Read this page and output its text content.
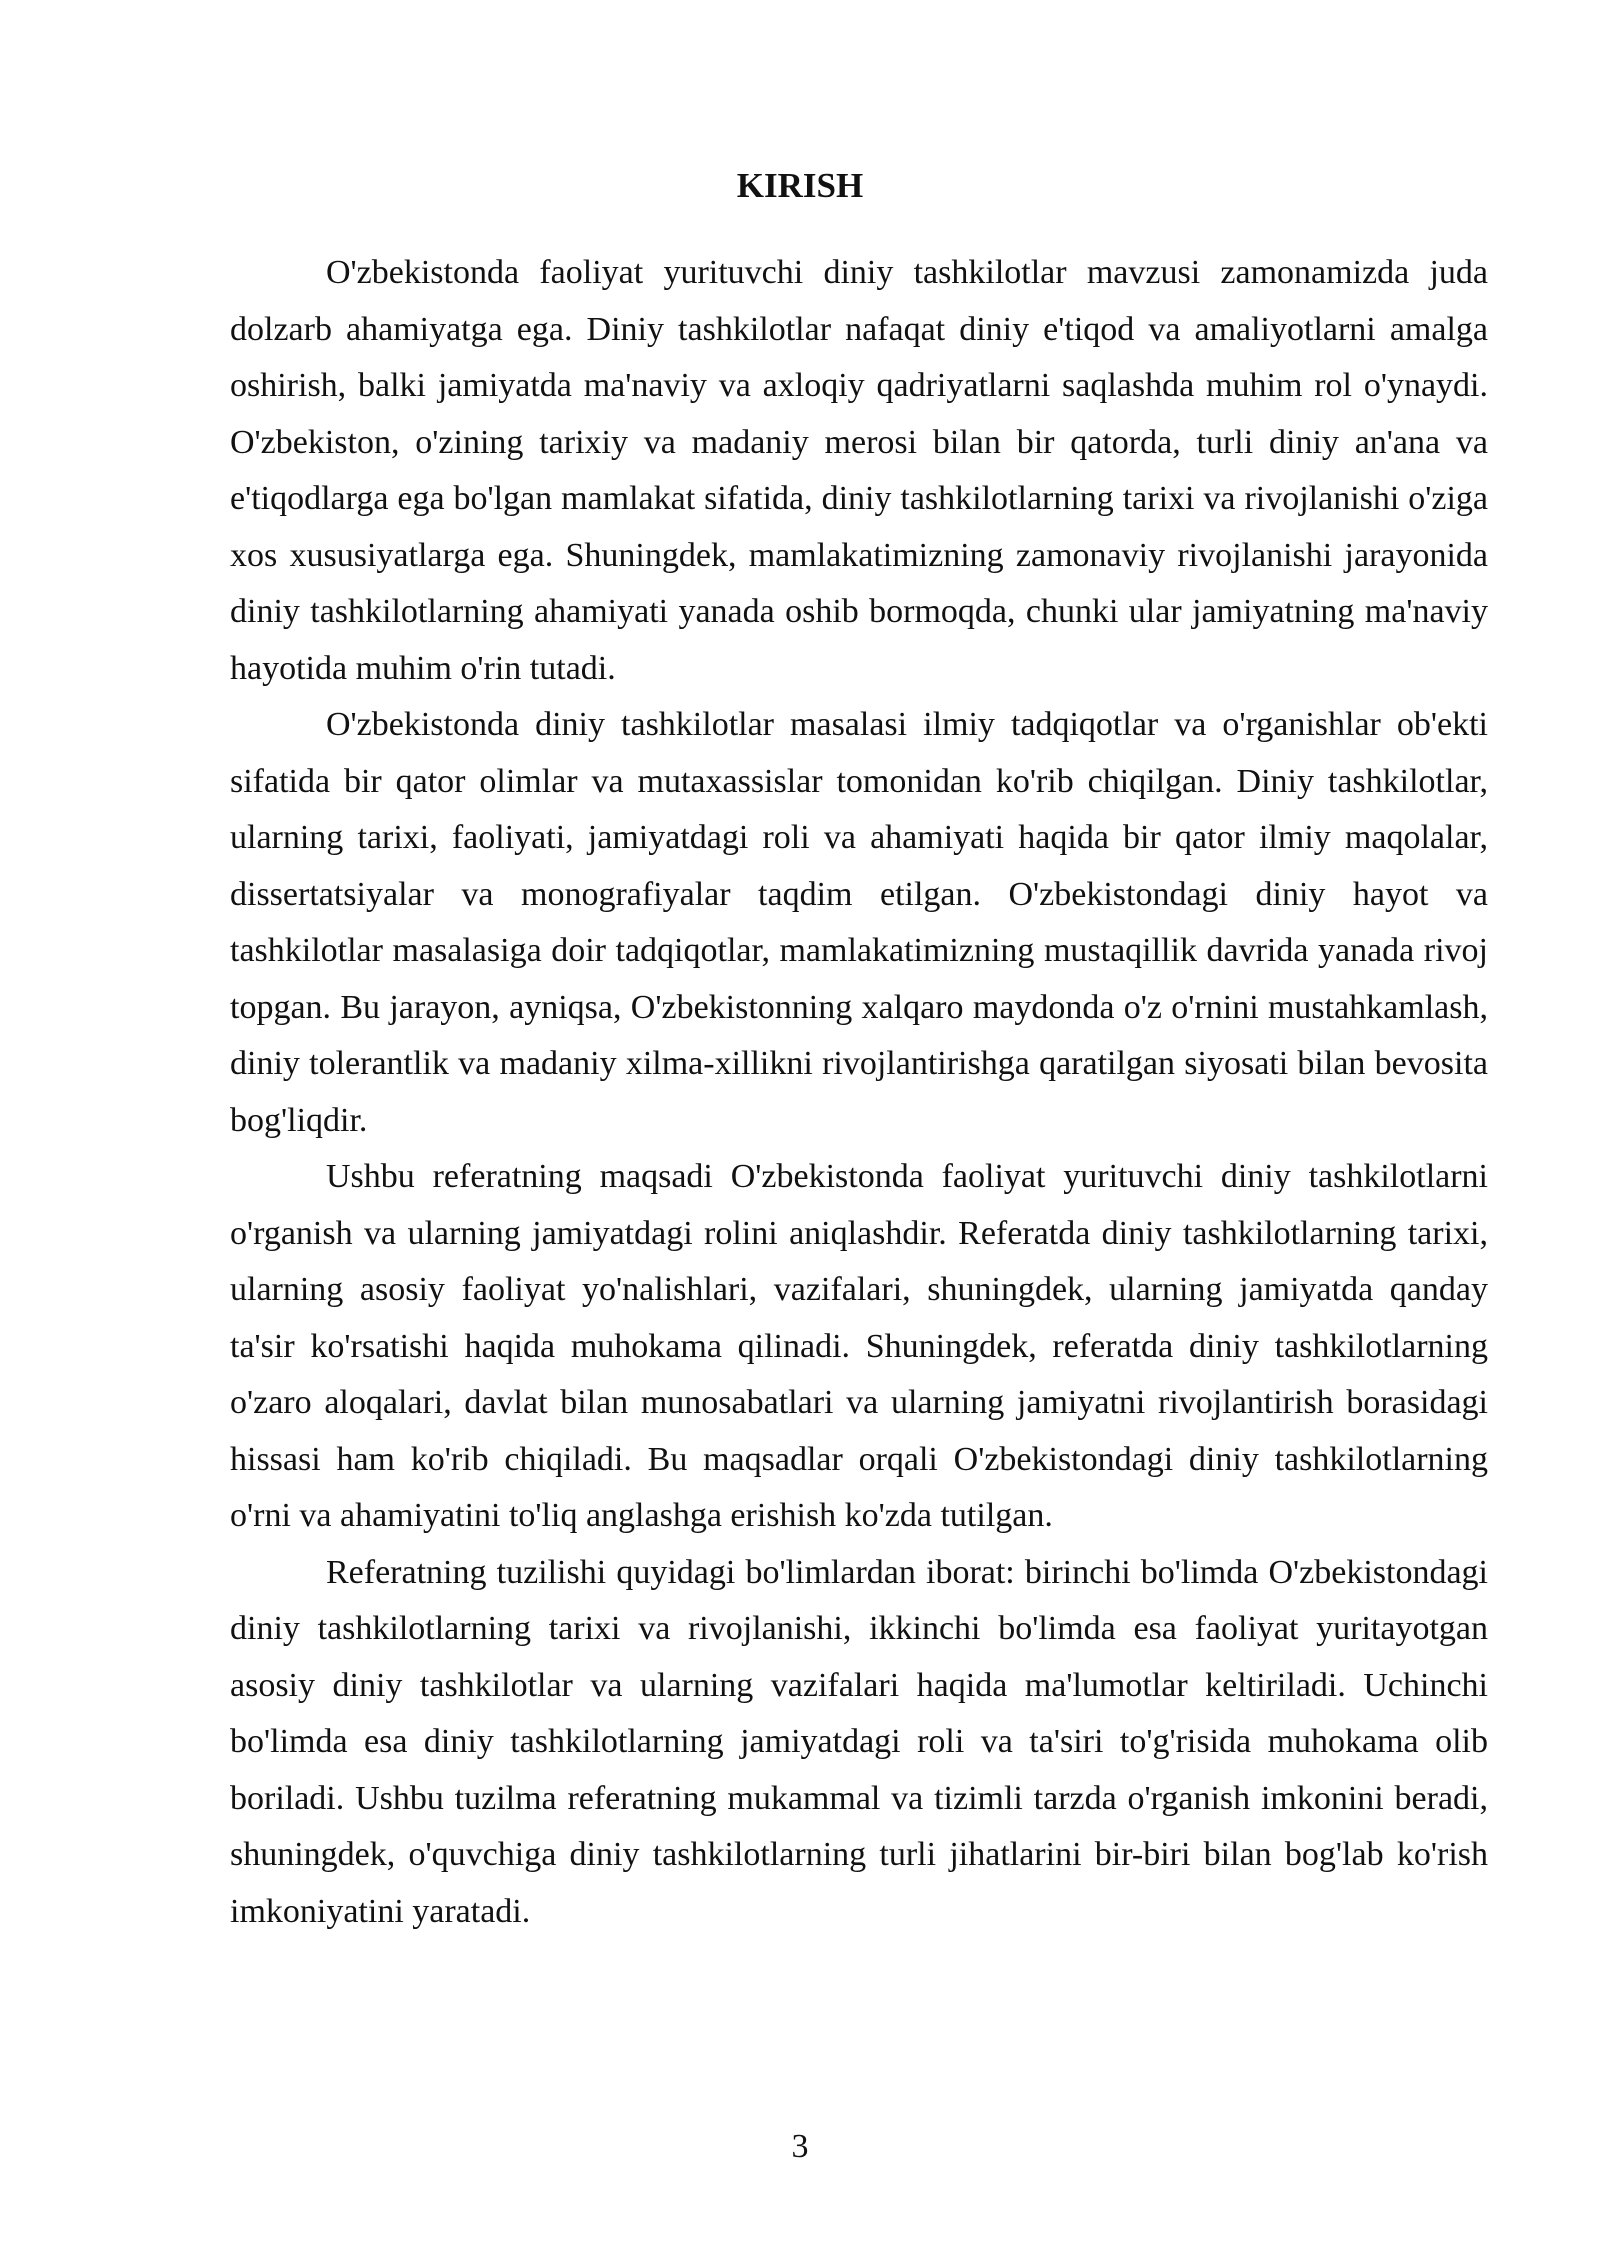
KIRISH

O'zbekistonda faoliyat yurituvchi diniy tashkilotlar mavzusi zamonamizda juda dolzarb ahamiyatga ega. Diniy tashkilotlar nafaqat diniy e'tiqod va amaliyotlarni amalga oshirish, balki jamiyatda ma'naviy va axloqiy qadriyatlarni saqlashda muhim rol o'ynaydi. O'zbekiston, o'zining tarixiy va madaniy merosi bilan bir qatorda, turli diniy an'ana va e'tiqodlarga ega bo'lgan mamlakat sifatida, diniy tashkilotlarning tarixi va rivojlanishi o'ziga xos xususiyatlarga ega. Shuningdek, mamlakatimizning zamonaviy rivojlanishi jarayonida diniy tashkilotlarning ahamiyati yanada oshib bormoqda, chunki ular jamiyatning ma'naviy hayotida muhim o'rin tutadi.

O'zbekistonda diniy tashkilotlar masalasi ilmiy tadqiqotlar va o'rganishlar ob'ekti sifatida bir qator olimlar va mutaxassislar tomonidan ko'rib chiqilgan. Diniy tashkilotlar, ularning tarixi, faoliyati, jamiyatdagi roli va ahamiyati haqida bir qator ilmiy maqolalar, dissertatsiyalar va monografiyalar taqdim etilgan. O'zbekistondagi diniy hayot va tashkilotlar masalasiga doir tadqiqotlar, mamlakatimizning mustaqillik davrida yanada rivoj topgan. Bu jarayon, ayniqsa, O'zbekistonning xalqaro maydonda o'z o'rnini mustahkamlash, diniy tolerantlik va madaniy xilma-xillikni rivojlantirishga qaratilgan siyosati bilan bevosita bog'liqdir.

Ushbu referatning maqsadi O'zbekistonda faoliyat yurituvchi diniy tashkilotlarni o'rganish va ularning jamiyatdagi rolini aniqlashdir. Referatda diniy tashkilotlarning tarixi, ularning asosiy faoliyat yo'nalishlari, vazifalari, shuningdek, ularning jamiyatda qanday ta'sir ko'rsatishi haqida muhokama qilinadi. Shuningdek, referatda diniy tashkilotlarning o'zaro aloqalari, davlat bilan munosabatlari va ularning jamiyatni rivojlantirish borasidagi hissasi ham ko'rib chiqiladi. Bu maqsadlar orqali O'zbekistondagi diniy tashkilotlarning o'rni va ahamiyatini to'liq anglashga erishish ko'zda tutilgan.

Referatning tuzilishi quyidagi bo'limlardan iborat: birinchi bo'limda O'zbekistondagi diniy tashkilotlarning tarixi va rivojlanishi, ikkinchi bo'limda esa faoliyat yuritayotgan asosiy diniy tashkilotlar va ularning vazifalari haqida ma'lumotlar keltiriladi. Uchinchi bo'limda esa diniy tashkilotlarning jamiyatdagi roli va ta'siri to'g'risida muhokama olib boriladi. Ushbu tuzilma referatning mukammal va tizimli tarzda o'rganish imkonini beradi, shuningdek, o'quvchiga diniy tashkilotlarning turli jihatlarini bir-biri bilan bog'lab ko'rish imkoniyatini yaratadi.

3
